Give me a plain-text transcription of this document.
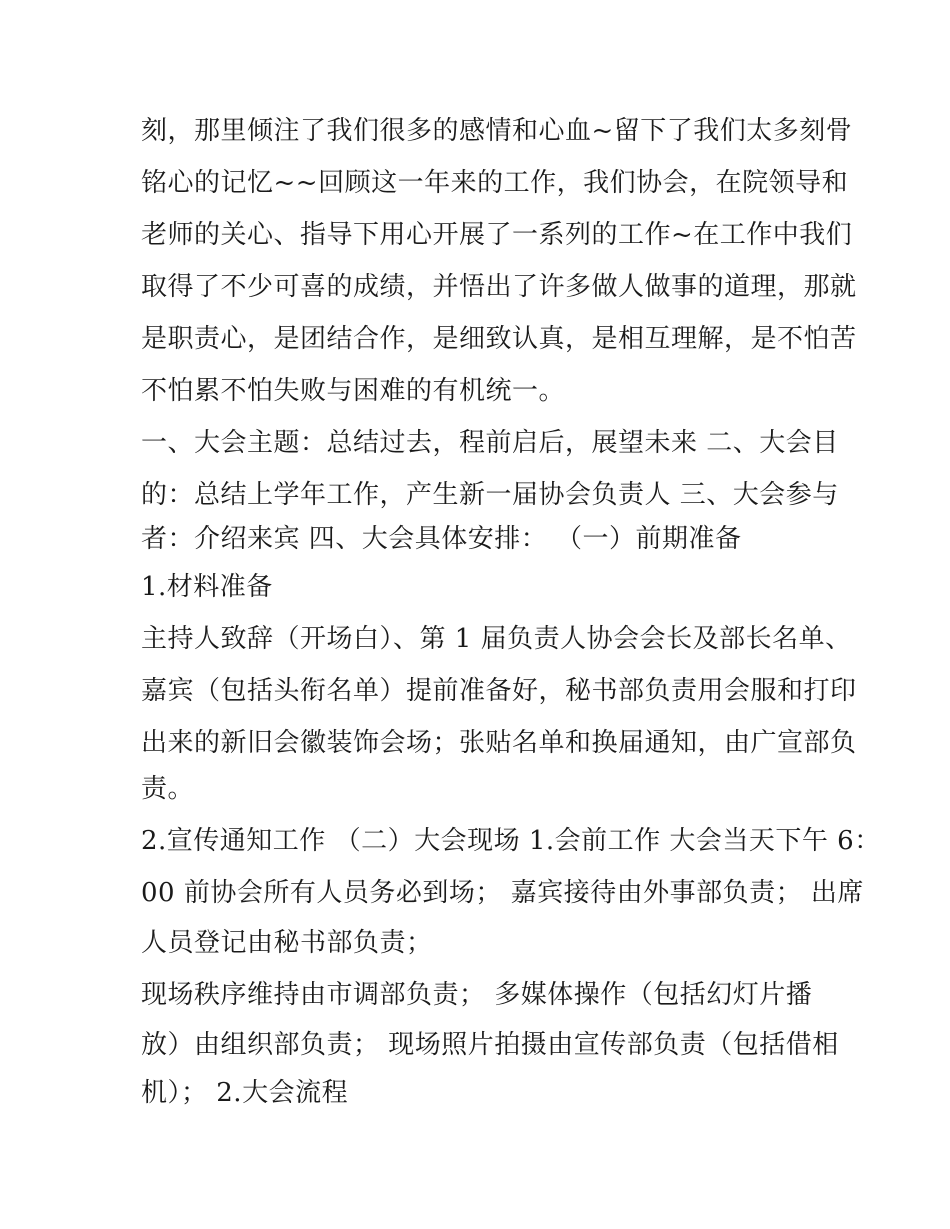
刻，那里倾注了我们很多的感情和心血~留下了我们太多刻骨
铭心的记忆~~回顾这一年来的工作，我们协会，在院领导和
老师的关心、指导下用心开展了一系列的工作~在工作中我们
取得了不少可喜的成绩，并悟出了许多做人做事的道理，那就
是职责心，是团结合作，是细致认真，是相互理解，是不怕苦
不怕累不怕失败与困难的有机统一。
一、大会主题：总结过去，程前启后，展望未来 二、大会目
的：总结上学年工作，产生新一届协会负责人 三、大会参与
者：介绍来宾 四、大会具体安排： （一）前期准备
1.材料准备
主持人致辞（开场白）、第 1 届负责人协会会长及部长名单、
嘉宾（包括头衔名单）提前准备好，秘书部负责用会服和打印
出来的新旧会徽装饰会场；张贴名单和换届通知，由广宣部负
责。
2.宣传通知工作 （二）大会现场 1.会前工作 大会当天下午 6：
00 前协会所有人员务必到场； 嘉宾接待由外事部负责； 出席
人员登记由秘书部负责；
现场秩序维持由市调部负责； 多媒体操作（包括幻灯片播
放）由组织部负责； 现场照片拍摄由宣传部负责（包括借相
机）； 2.大会流程
